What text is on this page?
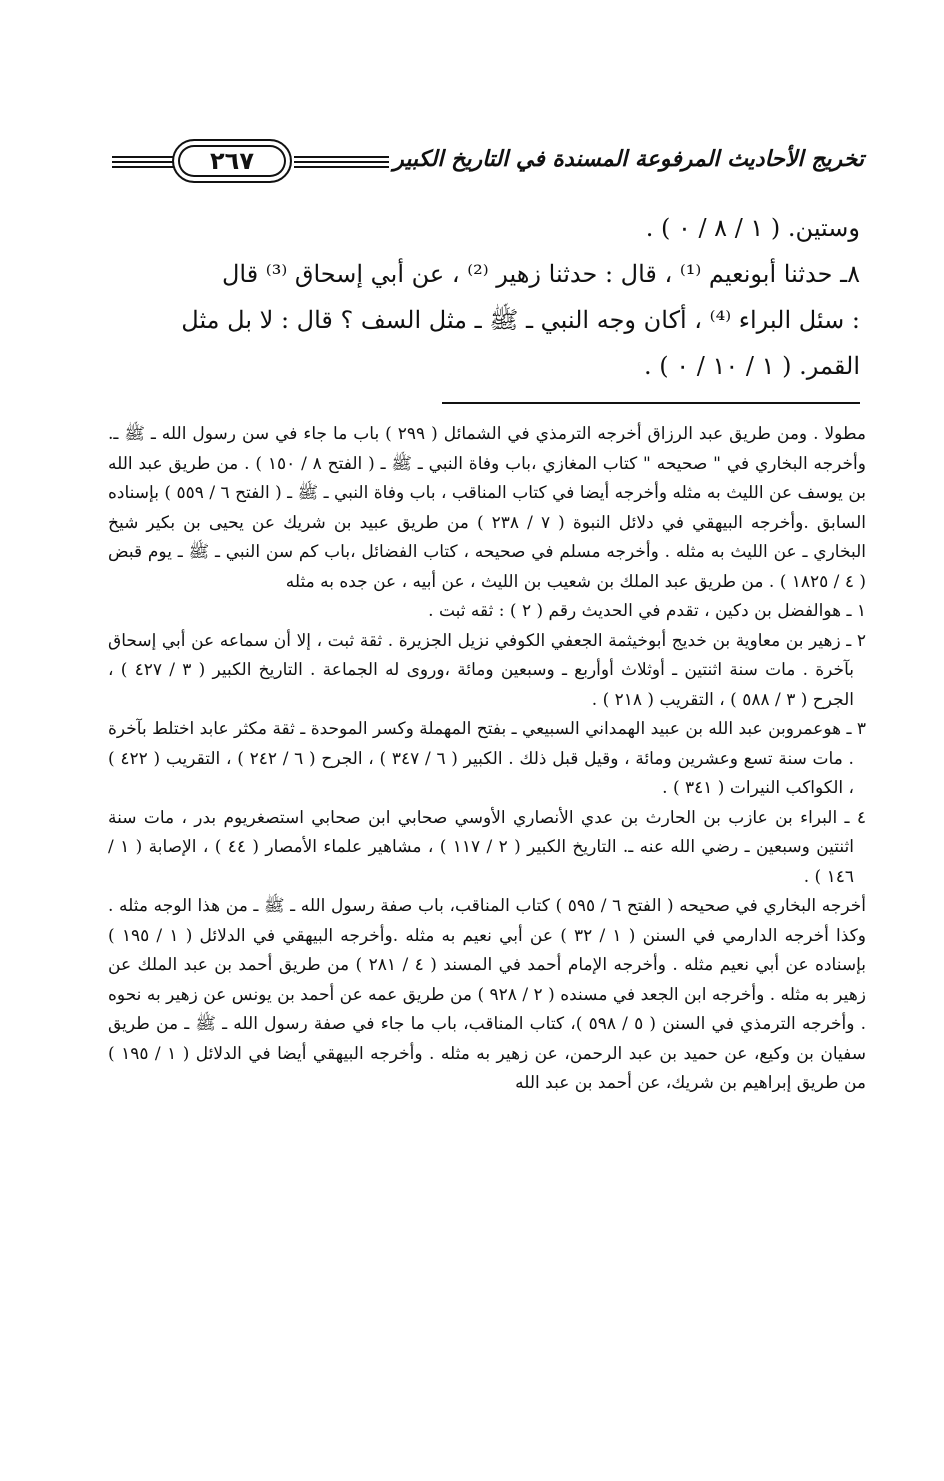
٢٦٧	تخريج الأحاديث المرفوعة المسندة في التاريخ الكبير

وستين. ( ١ / ٨ / ٠ ) .

٨ـ حدثنا أبونعيم ⁽¹⁾ ، قال : حدثنا زهير ⁽²⁾ ، عن أبي إسحاق ⁽³⁾ قال

: سئل البراء ⁽⁴⁾ ، أكان وجه النبي ـ ﷺ ـ مثل السف ؟ قال : لا بل مثل

القمر. ( ١ / ١٠ / ٠ ) .

مطولا . ومن طريق عبد الرزاق أخرجه الترمذي في الشمائل ( ٢٩٩ ) باب ما جاء في سن رسول الله ـ ﷺ ـ. وأخرجه البخاري في " صحيحه " كتاب المغازي ،باب وفاة النبي ـ ﷺ ـ ( الفتح ٨ / ١٥٠ ) . من طريق عبد الله بن يوسف عن الليث به مثله وأخرجه أيضا في كتاب المناقب ، باب وفاة النبي ـ ﷺ ـ ( الفتح ٦ / ٥٥٩ ) بإسناده السابق .وأخرجه البيهقي في دلائل النبوة ( ٧ / ٢٣٨ ) من طريق عبيد بن شريك عن يحيى بن بكير شيخ البخاري ـ عن الليث به مثله . وأخرجه مسلم في صحيحه ، كتاب الفضائل ،باب كم سن النبي ـ ﷺ ـ يوم قبض ( ٤ / ١٨٢٥ ) . من طريق عبد الملك بن شعيب بن الليث ، عن أبيه ، عن جده به مثله

١ ـ هوالفضل بن دكين ، تقدم في الحديث رقم ( ٢ ) : ثقه ثبت .

٢ ـ زهير بن معاوية بن خديج أبوخيثمة الجعفي الكوفي نزيل الجزيرة . ثقة ثبت ، إلا أن سماعه عن أبي إسحاق بآخرة . مات سنة اثنتين ـ أوثلاث أوأربع ـ وسبعين ومائة ،وروى له الجماعة . التاريخ الكبير ( ٣ / ٤٢٧ ) ، الجرح ( ٣ / ٥٨٨ ) ، التقريب ( ٢١٨ ) .

٣ ـ هوعمروبن عبد الله بن عبيد الهمداني السبيعي ـ بفتح المهملة وكسر الموحدة ـ ثقة مكثر عابد اختلط بآخرة . مات سنة تسع وعشرين ومائة ، وقيل قبل ذلك . الكبير ( ٦ / ٣٤٧ ) ، الجرح ( ٦ / ٢٤٢ ) ، التقريب ( ٤٢٢ ) ، الكواكب النيرات ( ٣٤١ ) .

٤ ـ البراء بن عازب بن الحارث بن عدي الأنصاري الأوسي صحابي ابن صحابي استصغريوم بدر ، مات سنة اثنتين وسبعين ـ رضي الله عنه ـ. التاريخ الكبير ( ٢ / ١١٧ ) ، مشاهير علماء الأمصار ( ٤٤ ) ، الإصابة ( ١ / ١٤٦ ) .

أخرجه البخاري في صحيحه ( الفتح ٦ / ٥٩٥ ) كتاب المناقب، باب صفة رسول الله ـ ﷺ ـ من هذا الوجه مثله . وكذا أخرجه الدارمي في السنن ( ١ / ٣٢ ) عن أبي نعيم به مثله .وأخرجه البيهقي في الدلائل ( ١ / ١٩٥ ) بإسناده عن أبي نعيم مثله . وأخرجه الإمام أحمد في المسند ( ٤ / ٢٨١ ) من طريق أحمد بن عبد الملك عن زهير به مثله . وأخرجه ابن الجعد في مسنده ( ٢ / ٩٢٨ ) من طريق عمه عن أحمد بن يونس عن زهير به نحوه . وأخرجه الترمذي في السنن ( ٥ / ٥٩٨ )، كتاب المناقب، باب ما جاء في صفة رسول الله ـ ﷺ ـ من طريق سفيان بن وكيع، عن حميد بن عبد الرحمن، عن زهير به مثله . وأخرجه البيهقي أيضا في الدلائل ( ١ / ١٩٥ ) من طريق إبراهيم بن شريك، عن أحمد بن عبد الله
